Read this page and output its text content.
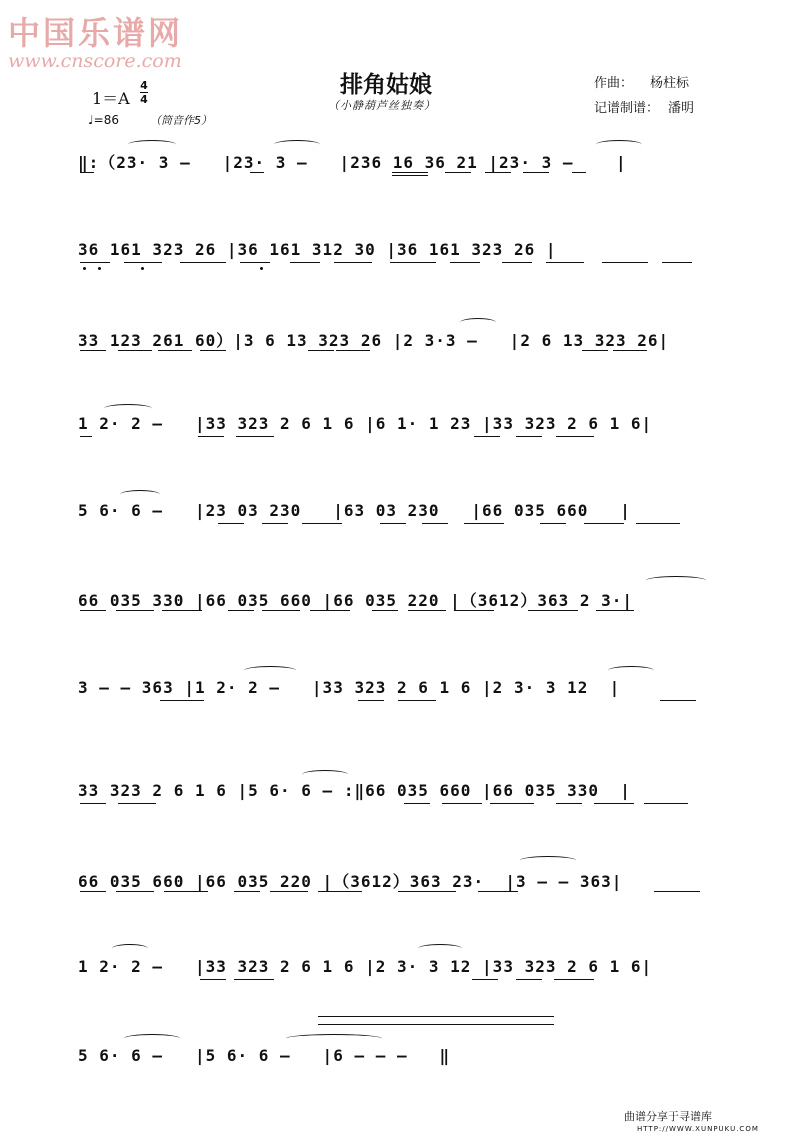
中国乐谱网
www.cnscore.com
排角姑娘
（小静葫芦丝独奏）
1＝A
4
4
♩=86	（筒音作5）
作曲： 杨柱标
记谱制谱： 潘明
‖:（23· 3 –   |23· 3 –   |236 16 36 21 |23· 3 –    |
36 161 323 26 |36 161 312 30 |36 161 323 26 |
33 123 261 60）|3 6 13 323 26 |2 3·3 –   |2 6 13 323 26|
1 2· 2 –   |33 323 2 6 1 6 |6 1· 1 23 |33 323 2 6 1 6|
5 6· 6 –   |23 03 230   |63 03 230   |66 035 660   |
66 035 330 |66 035 660 |66 035 220 |（3612）363 2 3·|
3 – – 363 |1 2· 2 –   |33 323 2 6 1 6 |2 3· 3 12  |
33 323 2 6 1 6 |5 6· 6 – :‖66 035 660 |66 035 330  |
66 035 660 |66 035 220 |（3612）363 23·  |3 – – 363|
1 2· 2 –   |33 323 2 6 1 6 |2 3· 3 12 |33 323 2 6 1 6|
5 6· 6 –   |5 6· 6 –   |6 – – –   ‖
曲谱分享于寻谱库
HTTP://WWW.XUNPUKU.COM
